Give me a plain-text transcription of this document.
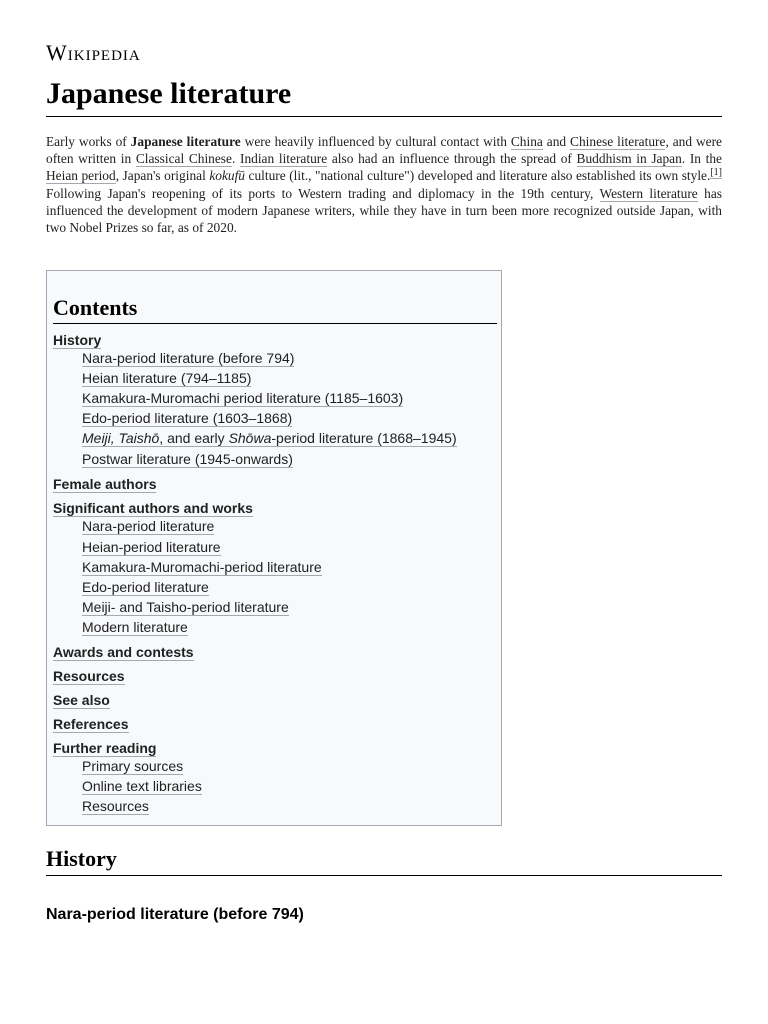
Wikipedia
Japanese literature

Early works of Japanese literature were heavily influenced by cultural contact with China and Chinese literature, and were often written in Classical Chinese. Indian literature also had an influence through the spread of Buddhism in Japan. In the Heian period, Japan's original kokufū culture (lit., "national culture") developed and literature also established its own style.[1] Following Japan's reopening of its ports to Western trading and diplomacy in the 19th century, Western literature has influenced the development of modern Japanese writers, while they have in turn been more recognized outside Japan, with two Nobel Prizes so far, as of 2020.

Contents
History
Nara-period literature (before 794)
Heian literature (794–1185)
Kamakura-Muromachi period literature (1185–1603)
Edo-period literature (1603–1868)
Meiji, Taishō, and early Shōwa-period literature (1868–1945)
Postwar literature (1945-onwards)
Female authors
Significant authors and works
Nara-period literature
Heian-period literature
Kamakura-Muromachi-period literature
Edo-period literature
Meiji- and Taisho-period literature
Modern literature
Awards and contests
Resources
See also
References
Further reading
Primary sources
Online text libraries
Resources
History
Nara-period literature (before 794)
